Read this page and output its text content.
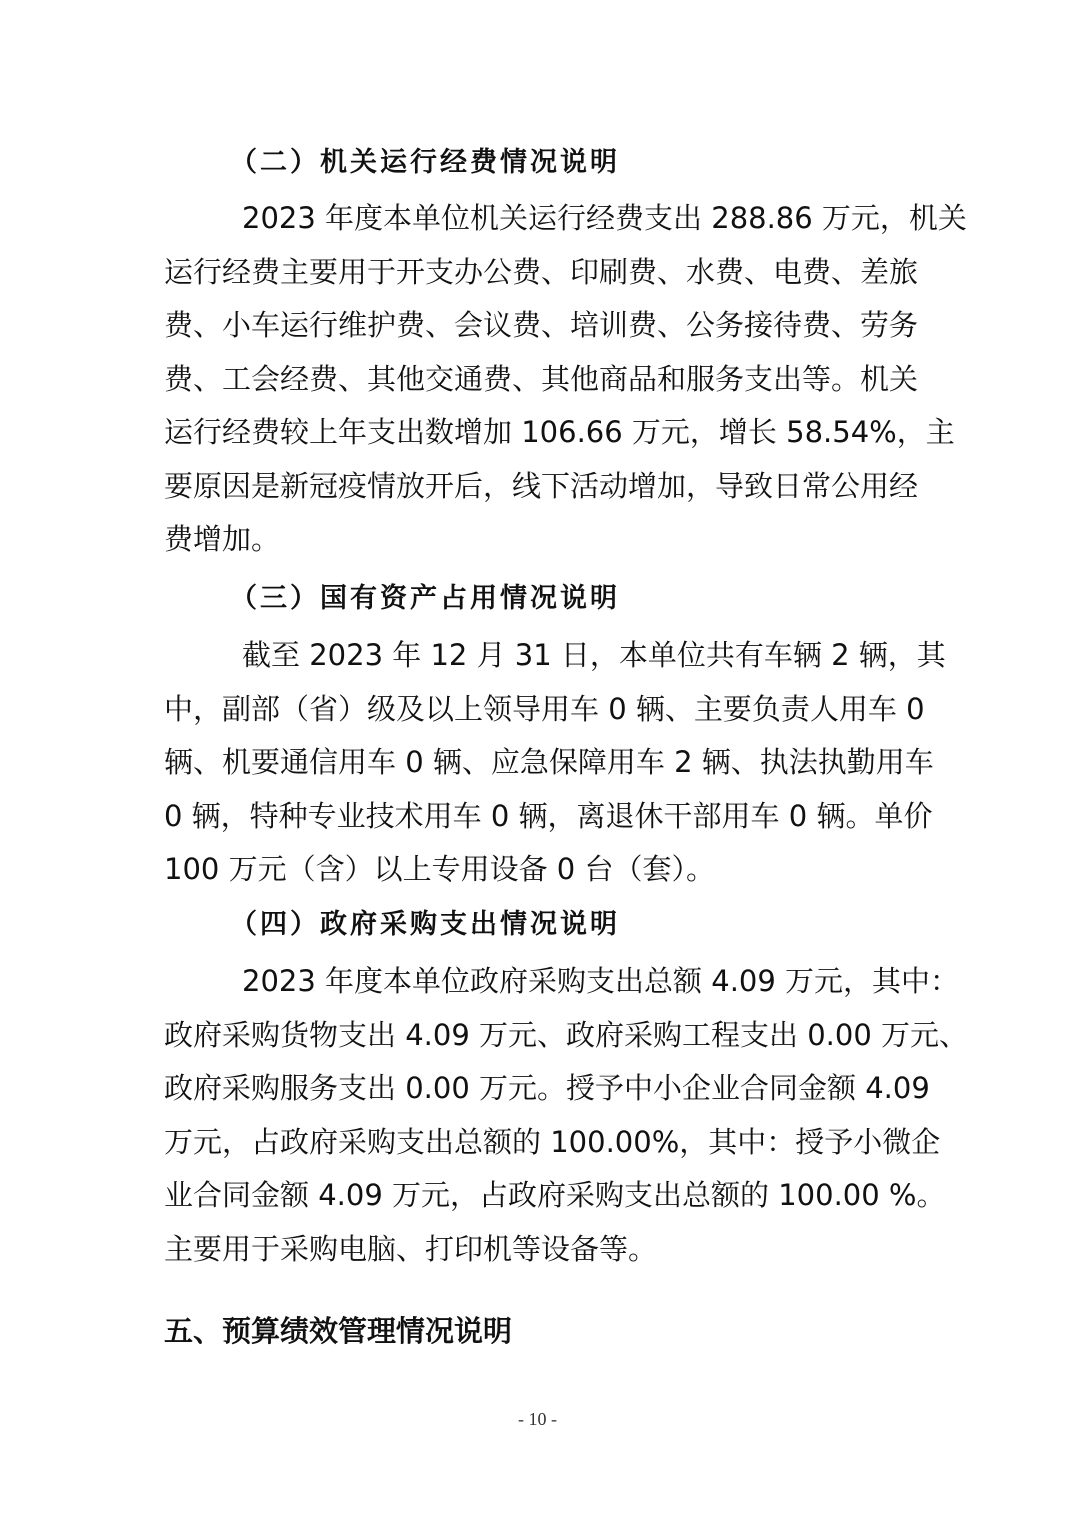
（二）机关运行经费情况说明
2023 年度本单位机关运行经费支出 288.86 万元，机关
运行经费主要用于开支办公费、印刷费、水费、电费、差旅
费、小车运行维护费、会议费、培训费、公务接待费、劳务
费、工会经费、其他交通费、其他商品和服务支出等。机关
运行经费较上年支出数增加 106.66 万元，增长 58.54%，主
要原因是新冠疫情放开后，线下活动增加，导致日常公用经
费增加。
（三）国有资产占用情况说明
截至 2023 年 12 月 31 日，本单位共有车辆 2 辆，其
中，副部（省）级及以上领导用车 0 辆、主要负责人用车 0
辆、机要通信用车 0 辆、应急保障用车 2 辆、执法执勤用车
0 辆，特种专业技术用车 0 辆，离退休干部用车 0 辆。单价
100 万元（含）以上专用设备 0 台（套）。
（四）政府采购支出情况说明
2023 年度本单位政府采购支出总额 4.09 万元，其中：
政府采购货物支出 4.09 万元、政府采购工程支出 0.00 万元、
政府采购服务支出 0.00 万元。授予中小企业合同金额 4.09
万元，占政府采购支出总额的 100.00%，其中：授予小微企
业合同金额 4.09 万元，占政府采购支出总额的 100.00 %。
主要用于采购电脑、打印机等设备等。
五、预算绩效管理情况说明
- 10 -
